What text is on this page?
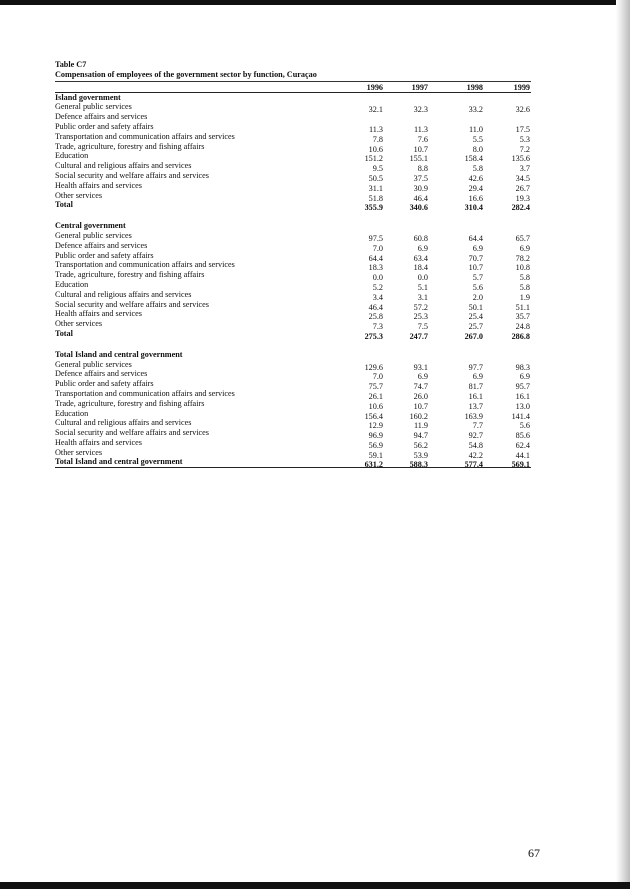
Table C7
Compensation of employees of the government sector by function, Curaçao
1996	1997	1998	1999
Island government
General public services	32.1	32.3	33.2	32.6
Defence affairs and services
Public order and safety affairs	11.3	11.3	11.0	17.5
Transportation and communication affairs and services	7.8	7.6	5.5	5.3
Trade, agriculture, forestry and fishing affairs	10.6	10.7	8.0	7.2
Education	151.2	155.1	158.4	135.6
Cultural and religious affairs and services	9.5	8.8	5.8	3.7
Social security and welfare affairs and services	50.5	37.5	42.6	34.5
Health affairs and services	31.1	30.9	29.4	26.7
Other services	51.8	46.4	16.6	19.3
Total	355.9	340.6	310.4	282.4
Central government
General public services	97.5	60.8	64.4	65.7
Defence affairs and services	7.0	6.9	6.9	6.9
Public order and safety affairs	64.4	63.4	70.7	78.2
Transportation and communication affairs and services	18.3	18.4	10.7	10.8
Trade, agriculture, forestry and fishing affairs	0.0	0.0	5.7	5.8
Education	5.2	5.1	5.6	5.8
Cultural and religious affairs and services	3.4	3.1	2.0	1.9
Social security and welfare affairs and services	46.4	57.2	50.1	51.1
Health affairs and services	25.8	25.3	25.4	35.7
Other services	7.3	7.5	25.7	24.8
Total	275.3	247.7	267.0	286.8
Total Island and central government
General public services	129.6	93.1	97.7	98.3
Defence affairs and services	7.0	6.9	6.9	6.9
Public order and safety affairs	75.7	74.7	81.7	95.7
Transportation and communication affairs and services	26.1	26.0	16.1	16.1
Trade, agriculture, forestry and fishing affairs	10.6	10.7	13.7	13.0
Education	156.4	160.2	163.9	141.4
Cultural and religious affairs and services	12.9	11.9	7.7	5.6
Social security and welfare affairs and services	96.9	94.7	92.7	85.6
Health affairs and services	56.9	56.2	54.8	62.4
Other services	59.1	53.9	42.2	44.1
Total Island and central government	631.2	588.3	577.4	569.1
67
